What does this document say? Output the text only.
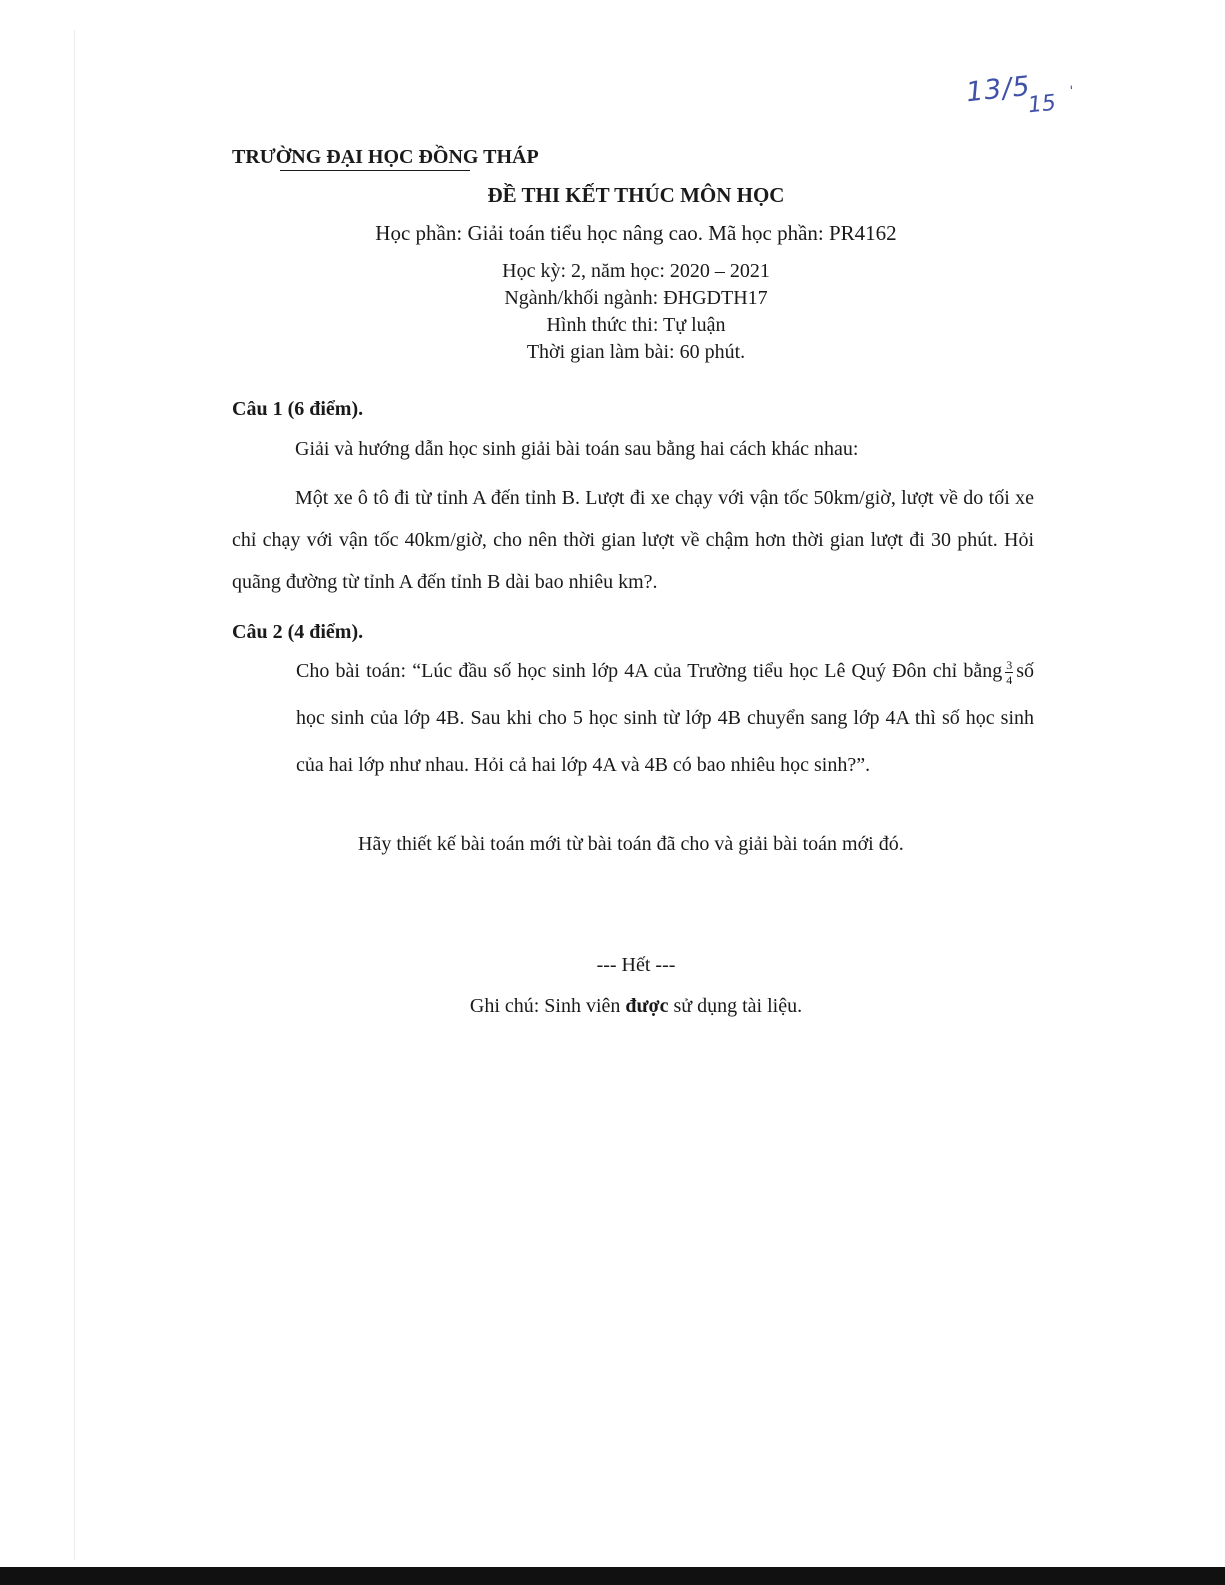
13/5
15 '
TRƯỜNG ĐẠI HỌC ĐỒNG THÁP
ĐỀ THI KẾT THÚC MÔN HỌC
Học phần: Giải toán tiểu học nâng cao. Mã học phần: PR4162
Học kỳ: 2, năm học: 2020 – 2021
Ngành/khối ngành: ĐHGDTH17
Hình thức thi: Tự luận
Thời gian làm bài: 60 phút.
Câu 1 (6 điểm).
Giải và hướng dẫn học sinh giải bài toán sau bằng hai cách khác nhau:
Một xe ô tô đi từ tỉnh A đến tỉnh B. Lượt đi xe chạy với vận tốc 50km/giờ, lượt về do tối xe chỉ chạy với vận tốc 40km/giờ, cho nên thời gian lượt về chậm hơn thời gian lượt đi 30 phút. Hỏi quãng đường từ tỉnh A đến tỉnh B dài bao nhiêu km?.
Câu 2 (4 điểm).
Cho bài toán: “Lúc đầu số học sinh lớp 4A của Trường tiểu học Lê Quý Đôn chỉ bằng $\frac{3}{4}$ số học sinh của lớp 4B. Sau khi cho 5 học sinh từ lớp 4B chuyển sang lớp 4A thì số học sinh của hai lớp như nhau. Hỏi cả hai lớp 4A và 4B có bao nhiêu học sinh?”.
Hãy thiết kế bài toán mới từ bài toán đã cho và giải bài toán mới đó.
--- Hết ---
Ghi chú: Sinh viên được sử dụng tài liệu.
